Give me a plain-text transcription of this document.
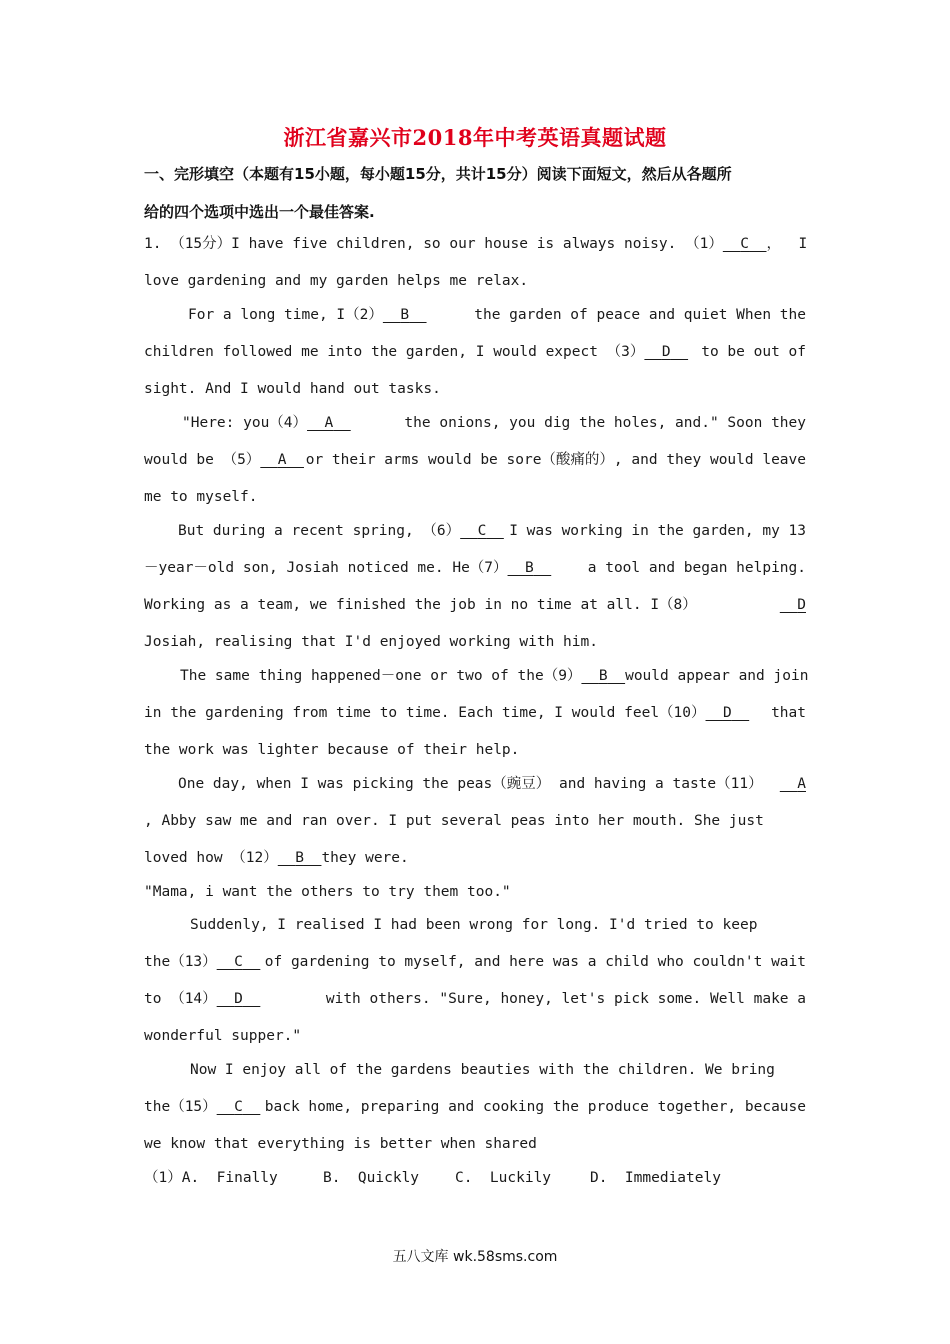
浙江省嘉兴市2018年中考英语真题试题
一、完形填空（本题有15小题，每小题15分，共计15分）阅读下面短文，然后从各题所
给的四个选项中选出一个最佳答案.
1. （15分）I have five children, so our house is always noisy. （1）	C ，  I
love gardening and my garden helps me relax.
For a long time, I（2） B	the garden of peace and quiet When the
children followed me into the garden, I would expect （3） D	to be out of
sight. And I would hand out tasks.
"Here: you（4） A	the onions, you dig the holes, and." Soon they
would be （5） A	or their arms would be sore（酸痛的）, and they would leave
me to myself.
But during a recent spring, （6） C	I was working in the garden, my 13
－year－old son, Josiah noticed me. He（7） B	a tool and began helping.
Working as a team, we finished the job in no time at all. I（8）	D
Josiah, realising that I'd enjoyed working with him.
The same thing happened－one or two of the（9） B	would appear and join
in the gardening from time to time. Each time, I would feel（10） D	that
the work was lighter because of their help.
One day, when I was picking the peas（豌豆） and having a taste（11）	A
, Abby saw me and ran over. I put several peas into her mouth. She just
loved how （12） B they were.
"Mama, i want the others to try them too."
Suddenly, I realised I had been wrong for long. I'd tried to keep
the（13） C	of gardening to myself, and here was a child who couldn't wait
to （14） D	with others. "Sure, honey, let's pick some. Well make a
wonderful supper."
Now I enjoy all of the gardens beauties with the children. We bring
the（15） C	back home, preparing and cooking the produce together, because
we know that everything is better when shared

（1）A.  Finally

	B.  Quickly

C.  Luckily

	D.  Immediately

五八文库 wk.58sms.com
